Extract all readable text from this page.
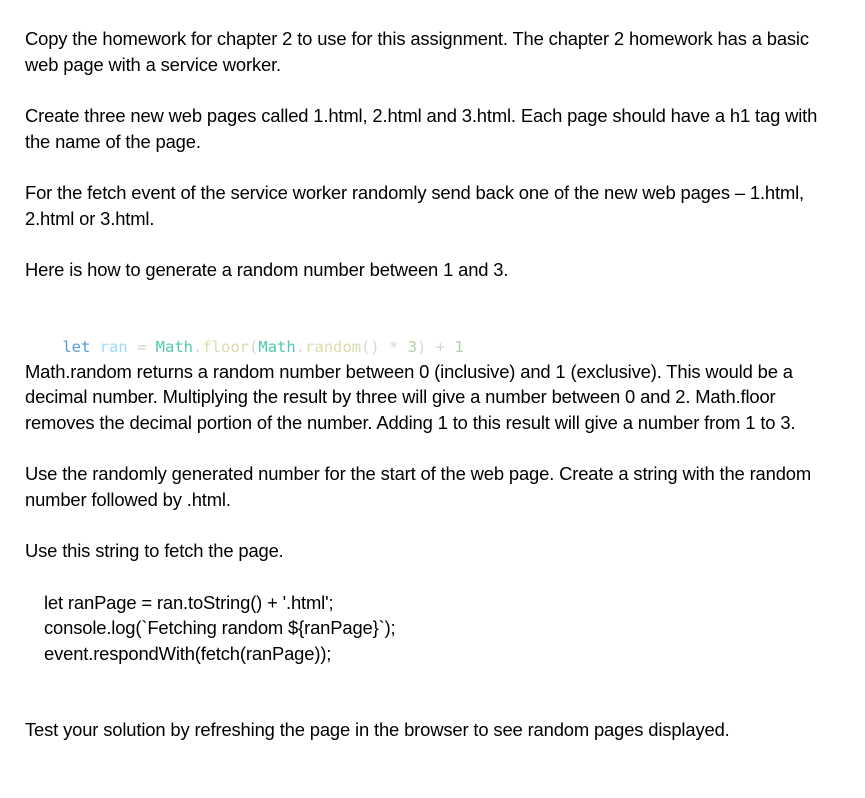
Copy the homework for chapter 2 to use for this assignment. The chapter 2 homework has a basic web page with a service worker.

Create three new web pages called 1.html, 2.html and 3.html. Each page should have a h1 tag with the name of the page.

For the fetch event of the service worker randomly send back one of the new web pages – 1.html, 2.html or 3.html.

Here is how to generate a random number between 1 and 3.

let ran = Math.floor(Math.random() * 3) + 1

Math.random returns a random number between 0 (inclusive) and 1 (exclusive). This would be a decimal number. Multiplying the result by three will give a number between 0 and 2. Math.floor removes the decimal portion of the number. Adding 1 to this result will give a number from 1 to 3.

Use the randomly generated number for the start of the web page. Create a string with the random number followed by .html.

Use this string to fetch the page.

let ranPage = ran.toString() + '.html';
console.log(`Fetching random ${ranPage}`);
event.respondWith(fetch(ranPage));

Test your solution by refreshing the page in the browser to see random pages displayed.
